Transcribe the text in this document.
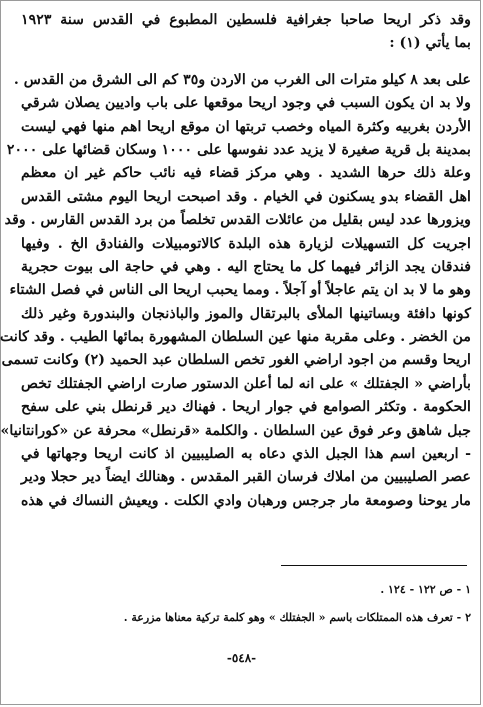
وقد ذكر اريحا صاحبا جغرافية فلسطين المطبوع في القدس سنة ١٩٢٣
بما يأتي (١) :
على بعد ٨ كيلو مترات الى الغرب من الاردن و٣٥ كم الى الشرق من القدس .
ولا بد ان يكون السبب في وجود اريحا موقعها على باب واديين يصلان شرقي
الأردن بغربيه وكثرة المياه وخصب تربتها ان موقع اريحا اهم منها فهي ليست
بمدينة بل قرية صغيرة لا يزيد عدد نفوسها على ١٠٠٠ وسكان قضائها على ٢٠٠٠
وعلة ذلك حرها الشديد . وهي مركز قضاء فيه نائب حاكم غير ان معظم
اهل القضاء بدو يسكنون في الخيام . وقد اصبحت اريحا اليوم مشتى القدس
ويزورها عدد ليس بقليل من عائلات القدس تخلصاً من برد القدس القارس . وقد
اجريت كل التسهيلات لزيارة هذه البلدة كالاتومبيلات والفنادق الخ . وفيها
فندقان يجد الزائر فيهما كل ما يحتاج اليه . وهي في حاجة الى بيوت حجرية
وهو ما لا بد ان يتم عاجلاً أو آجلاً . ومما يحبب اريحا الى الناس في فصل الشتاء
كونها دافئة وبساتينها الملأى بالبرتقال والموز والباذنجان والبندورة وغير ذلك
من الخضر . وعلى مقربة منها عين السلطان المشهورة بمائها الطيب . وقد كانت
اريحا وقسم من اجود اراضي الغور تخص السلطان عبد الحميد (٢) وكانت تسمى
بأراضي « الجفتلك » على انه لما أعلن الدستور صارت اراضي الجفتلك تخص
الحكومة . وتكثر الصوامع في جوار اريحا . فهناك دير قرنطل بني على سفح
جبل شاهق وعر فوق عين السلطان . والكلمة «قرنطل» محرفة عن «كورانتانيا»
- اربعين اسم هذا الجبل الذي دعاه به الصليبيين اذ كانت اريحا وجهاتها في
عصر الصليبيين من املاك فرسان القبر المقدس . وهنالك ايضاً دير حجلا ودير
مار يوحنا وصومعة مار جرجس ورهبان وادي الكلت . ويعيش النساك في هذه
١ - ص ١٢٢ - ١٢٤ .
٢ - تعرف هذه الممتلكات باسم « الجفتلك » وهو كلمة تركية معناها مزرعة .
-٥٤٨-
